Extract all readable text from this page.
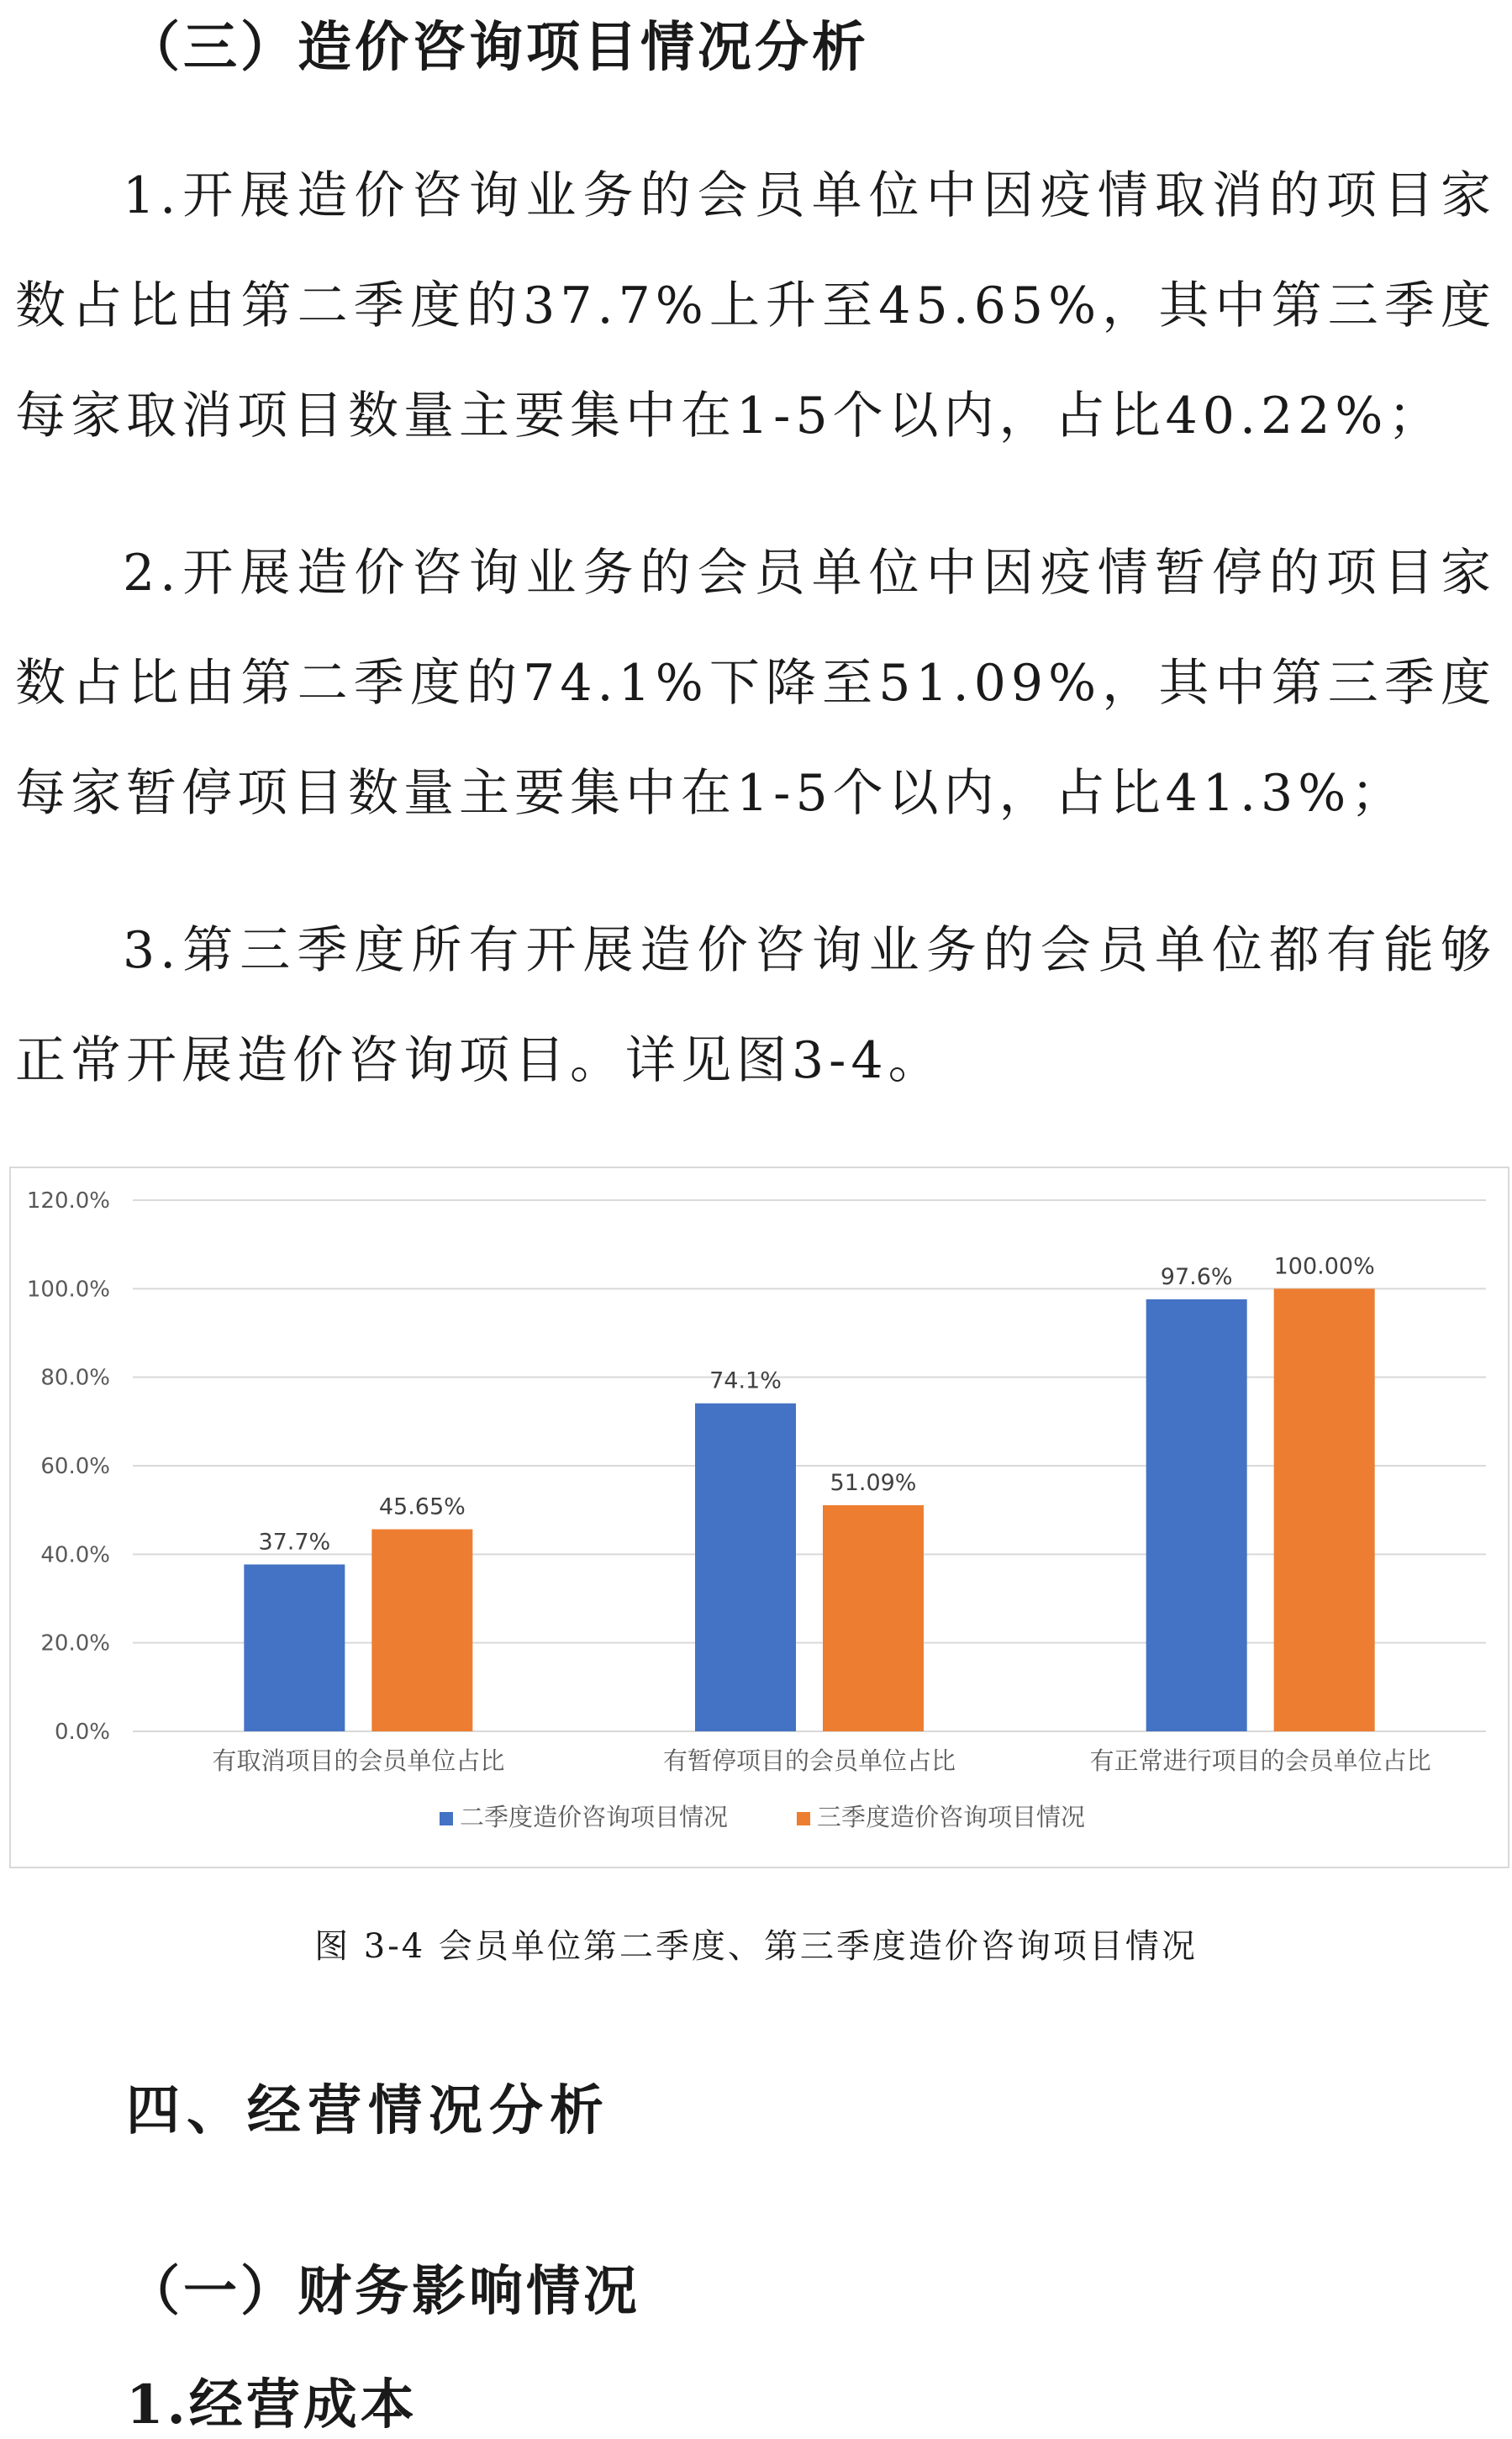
（三）造价咨询项目情况分析

1.开展造价咨询业务的会员单位中因疫情取消的项目家数占比由第二季度的37.7%上升至45.65%，其中第三季度每家取消项目数量主要集中在1-5个以内，占比40.22%；

2.开展造价咨询业务的会员单位中因疫情暂停的项目家数占比由第二季度的74.1%下降至51.09%，其中第三季度每家暂停项目数量主要集中在1-5个以内，占比41.3%；

3.第三季度所有开展造价咨询业务的会员单位都有能够正常开展造价咨询项目。详见图3-4。

0.0%
20.0%
40.0%
60.0%
80.0%
100.0%
120.0%
37.7%
45.65%
有取消项目的会员单位占比
74.1%
51.09%
有暂停项目的会员单位占比
97.6% 100.00%
有正常进行项目的会员单位占比
二季度造价咨询项目情况	三季度造价咨询项目情况
图 3-4 会员单位第二季度、第三季度造价咨询项目情况
四、经营情况分析
（一）财务影响情况
1.经营成本
